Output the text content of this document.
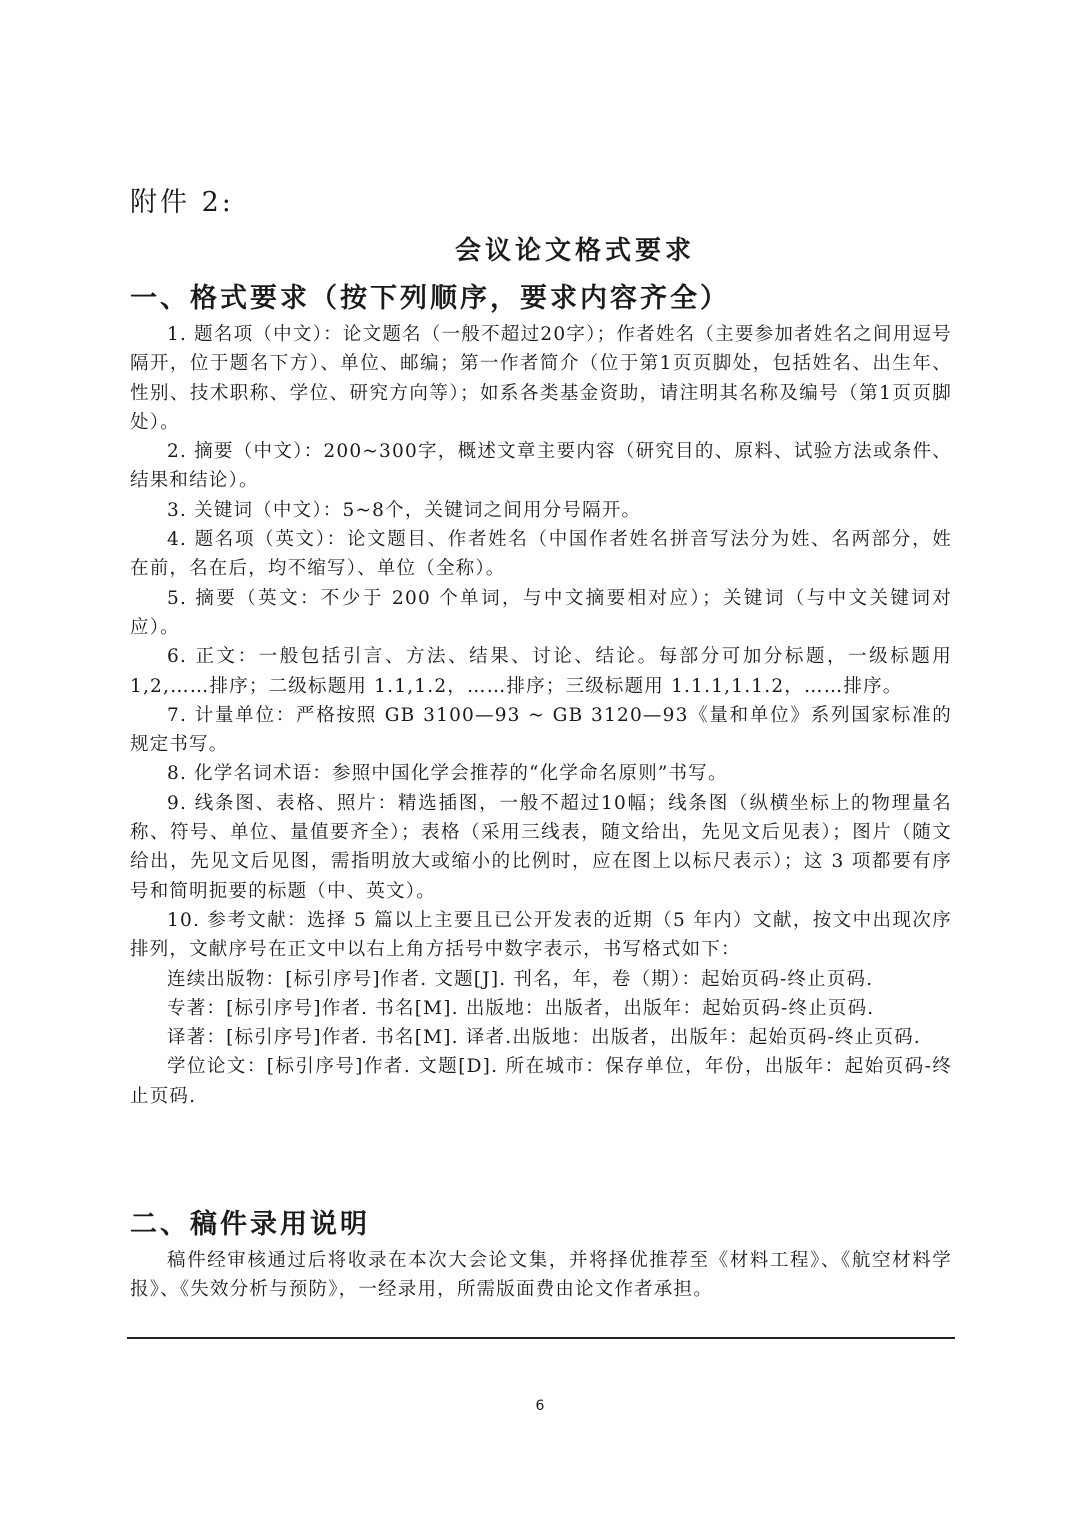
附件 2:
会议论文格式要求
一、格式要求（按下列顺序，要求内容齐全）

1. 题名项（中文）：论文题名（一般不超过20字）；作者姓名（主要参加者姓名之间用逗号隔开，位于题名下方）、单位、邮编；第一作者简介（位于第1页页脚处，包括姓名、出生年、性别、技术职称、学位、研究方向等）；如系各类基金资助，请注明其名称及编号（第1页页脚处）。

2. 摘要（中文）：200~300字，概述文章主要内容（研究目的、原料、试验方法或条件、结果和结论）。

3. 关键词（中文）：5~8个，关键词之间用分号隔开。

4. 题名项（英文）：论文题目、作者姓名（中国作者姓名拼音写法分为姓、名两部分，姓在前，名在后，均不缩写）、单位（全称）。

5. 摘要（英文：不少于 200 个单词，与中文摘要相对应）；关键词（与中文关键词对应）。

6. 正文：一般包括引言、方法、结果、讨论、结论。每部分可加分标题，一级标题用 1,2,……排序；二级标题用 1.1,1.2，……排序；三级标题用 1.1.1,1.1.2，……排序。

7. 计量单位：严格按照 GB 3100—93 ~ GB 3120—93《量和单位》系列国家标准的规定书写。

8. 化学名词术语：参照中国化学会推荐的“化学命名原则”书写。

9. 线条图、表格、照片：精选插图，一般不超过10幅；线条图（纵横坐标上的物理量名称、符号、单位、量值要齐全）；表格（采用三线表，随文给出，先见文后见表）；图片（随文给出，先见文后见图，需指明放大或缩小的比例时，应在图上以标尺表示）；这 3 项都要有序号和简明扼要的标题（中、英文）。

10. 参考文献：选择 5 篇以上主要且已公开发表的近期（5 年内）文献，按文中出现次序排列，文献序号在正文中以右上角方括号中数字表示，书写格式如下：

连续出版物：[标引序号]作者. 文题[J]. 刊名，年，卷（期）：起始页码-终止页码.

专著：[标引序号]作者. 书名[M]. 出版地：出版者，出版年：起始页码-终止页码.

译著：[标引序号]作者. 书名[M]. 译者.出版地：出版者，出版年：起始页码-终止页码.

学位论文：[标引序号]作者. 文题[D]. 所在城市：保存单位，年份，出版年：起始页码-终止页码.

二、稿件录用说明

稿件经审核通过后将收录在本次大会论文集，并将择优推荐至《材料工程》、《航空材料学报》、《失效分析与预防》，一经录用，所需版面费由论文作者承担。

6
